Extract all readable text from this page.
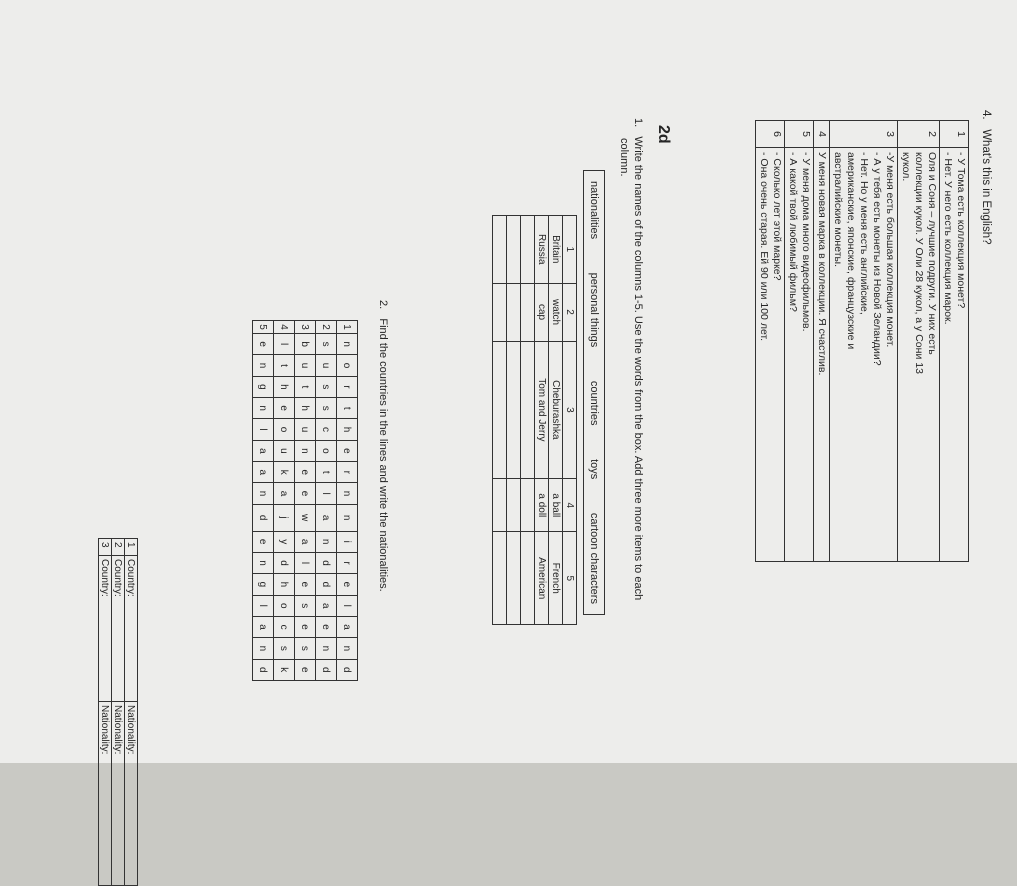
4.   What's this in English?
1	- У Тома есть коллекция монет?
- Нет. У него есть коллекция марок.

2	Оля и Соня – лучшие подруги. У них есть
коллекции кукол. У Оли 28 кукол, а у Сони 13
кукол.

3	-У меня есть большая коллекция монет.
- А у тебя есть монеты из Новой Зеландии?
- Нет. Но у меня есть английские,
американские, японские, французские и
австралийские монеты.

4	У меня новая марка в коллекции. Я счастлив.

5	- У меня дома много видеофильмов.
- А какой твой любимый фильм?

6	- Сколько лет этой марке?
- Она очень старая. Ей 90 или 100 лет.
2d
1.   Write the names of the columns 1-5. Use the words from the box. Add three more items to each
column.
nationalities
personal things
countries
toys
cartoon characters
1	2	3	4	5
Britain	watch	Cheburashka	a ball	French
Russia	cap	Tom and Jerry	a doll	American

2.   Find the countries in the lines and write the nationalities.
1	n	o	r	t	h	e	r	n	n	i	r	e	l	a	n	d
2	s	u	s	s	c	o	t	l	a	n	d	d	a	e	n	d
3	b	u	t	h	u	n	e	e	w	a	l	e	s	e	s	e
4	l	t	h	e	o	u	k	a	j	y	d	h	o	c	s	k
5	e	n	g	n	l	a	a	n	d	e	n	g	l	a	n	d
1	Country:	Nationality:
2	Country:	Nationality:
3	Country:	Nationality:
